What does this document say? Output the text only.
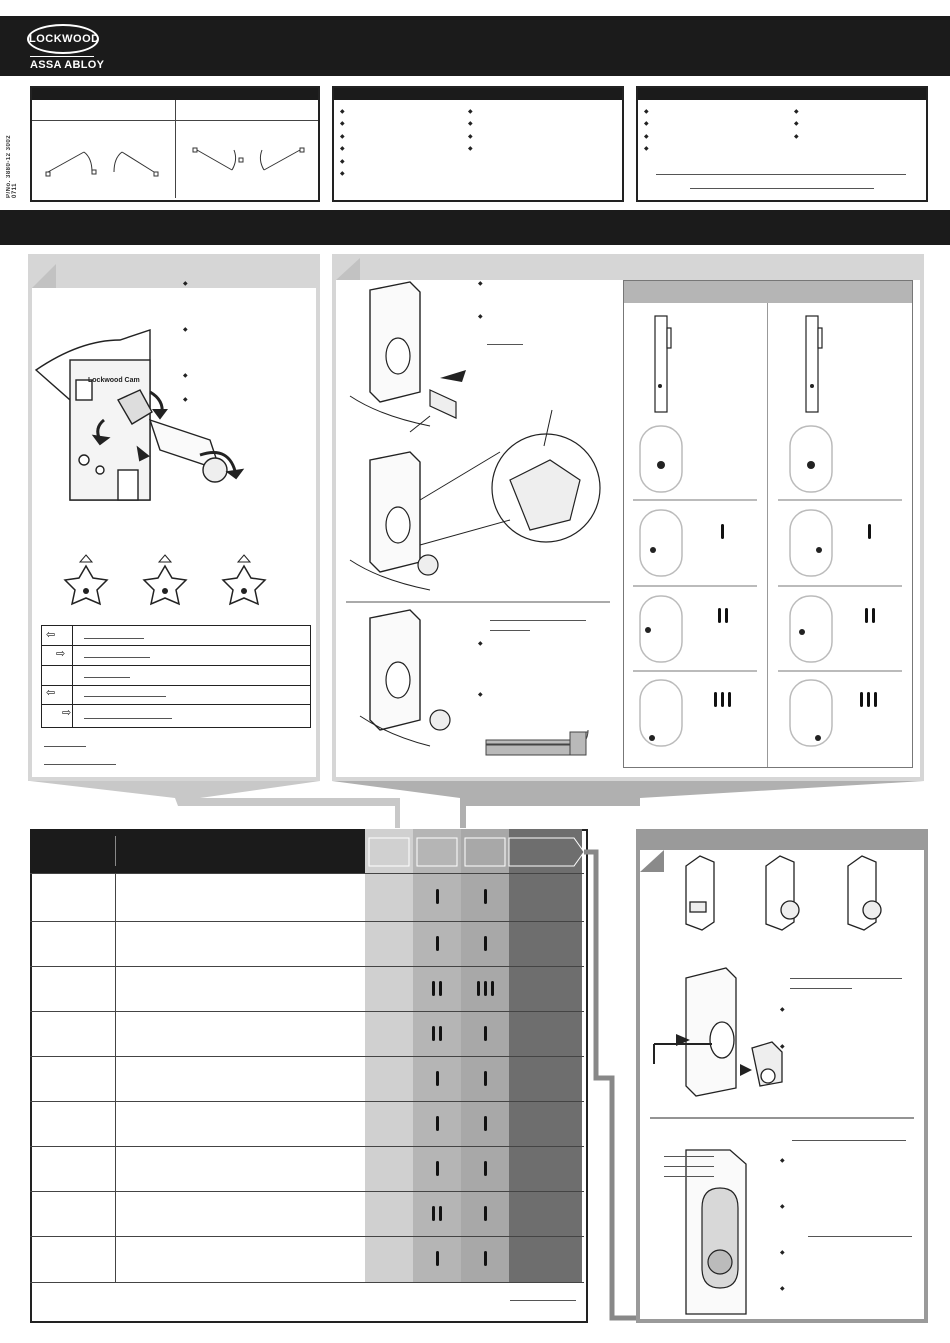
LOCKWOOD
ASSA ABLOY
P/No. 3880-12 3002 0711
◆
◆
◆
◆
◆
◆
◆
◆
◆
◆
◆
◆
◆
◆
◆
◆
◆
◆
◆
◆
◆
Lockwood Cam
⇦
⇨
⇦
⇨
◆
◆
◆
◆
◆
◆
◆
◆
◆
◆
